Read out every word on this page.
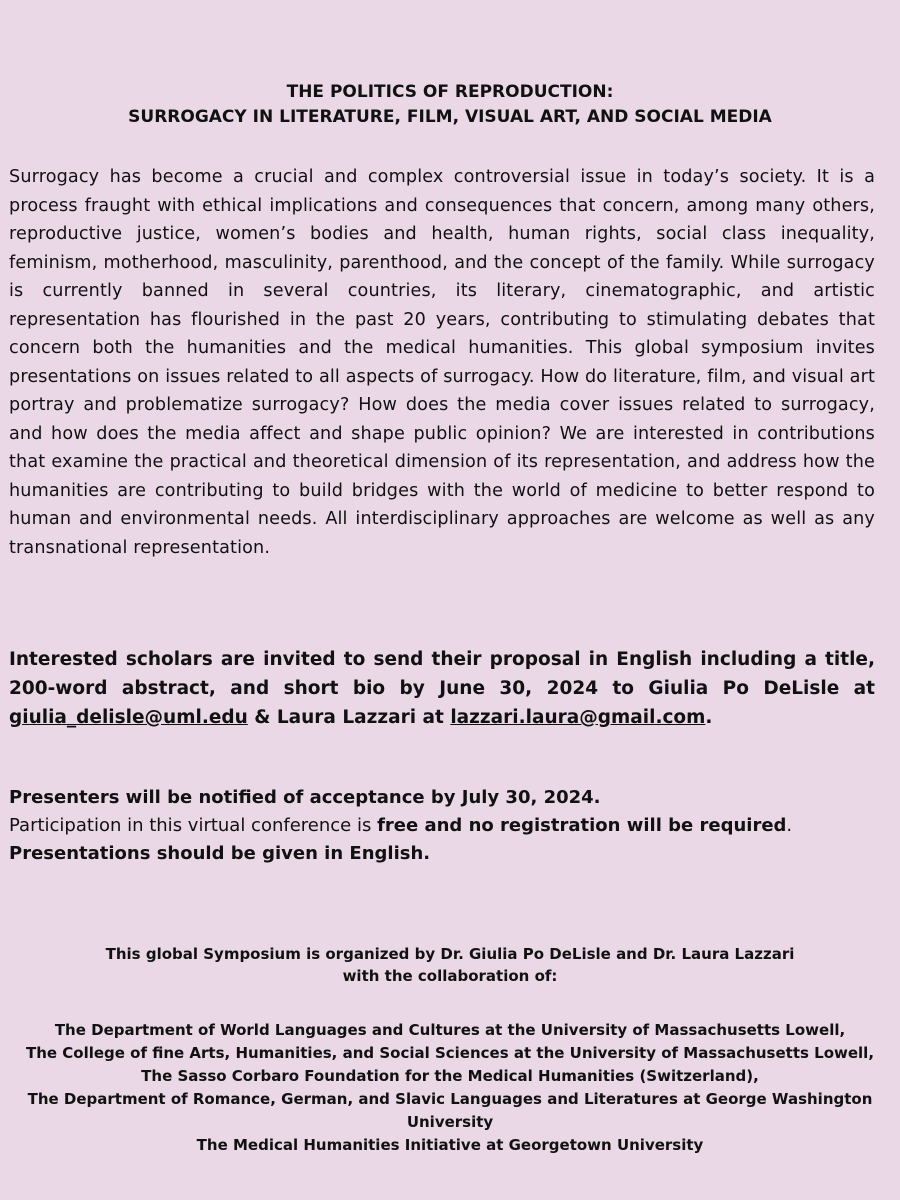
THE POLITICS OF REPRODUCTION:
SURROGACY IN LITERATURE, FILM, VISUAL ART, AND SOCIAL MEDIA

Surrogacy has become a crucial and complex controversial issue in today’s society. It is a process fraught with ethical implications and consequences that concern, among many others, reproductive justice, women’s bodies and health, human rights, social class inequality, feminism, motherhood, masculinity, parenthood, and the concept of the family. While surrogacy is currently banned in several countries, its literary, cinematographic, and artistic representation has flourished in the past 20 years, contributing to stimulating debates that concern both the humanities and the medical humanities. This global symposium invites presentations on issues related to all aspects of surrogacy. How do literature, film, and visual art portray and problematize surrogacy? How does the media cover issues related to surrogacy, and how does the media affect and shape public opinion? We are interested in contributions that examine the practical and theoretical dimension of its representation, and address how the humanities are contributing to build bridges with the world of medicine to better respond to human and environmental needs. All interdisciplinary approaches are welcome as well as any transnational representation.

Interested scholars are invited to send their proposal in English including a title, 200-word abstract, and short bio by June 30, 2024 to Giulia Po DeLisle at giulia_delisle@uml.edu & Laura Lazzari at lazzari.laura@gmail.com.

Presenters will be notified of acceptance by July 30, 2024.
Participation in this virtual conference is free and no registration will be required.
Presentations should be given in English.
This global Symposium is organized by Dr. Giulia Po DeLisle and Dr. Laura Lazzari
with the collaboration of:
The Department of World Languages and Cultures at the University of Massachusetts Lowell,
The College of fine Arts, Humanities, and Social Sciences at the University of Massachusetts Lowell,
The Sasso Corbaro Foundation for the Medical Humanities (Switzerland),
The Department of Romance, German, and Slavic Languages and Literatures at George Washington
University
The Medical Humanities Initiative at Georgetown University
